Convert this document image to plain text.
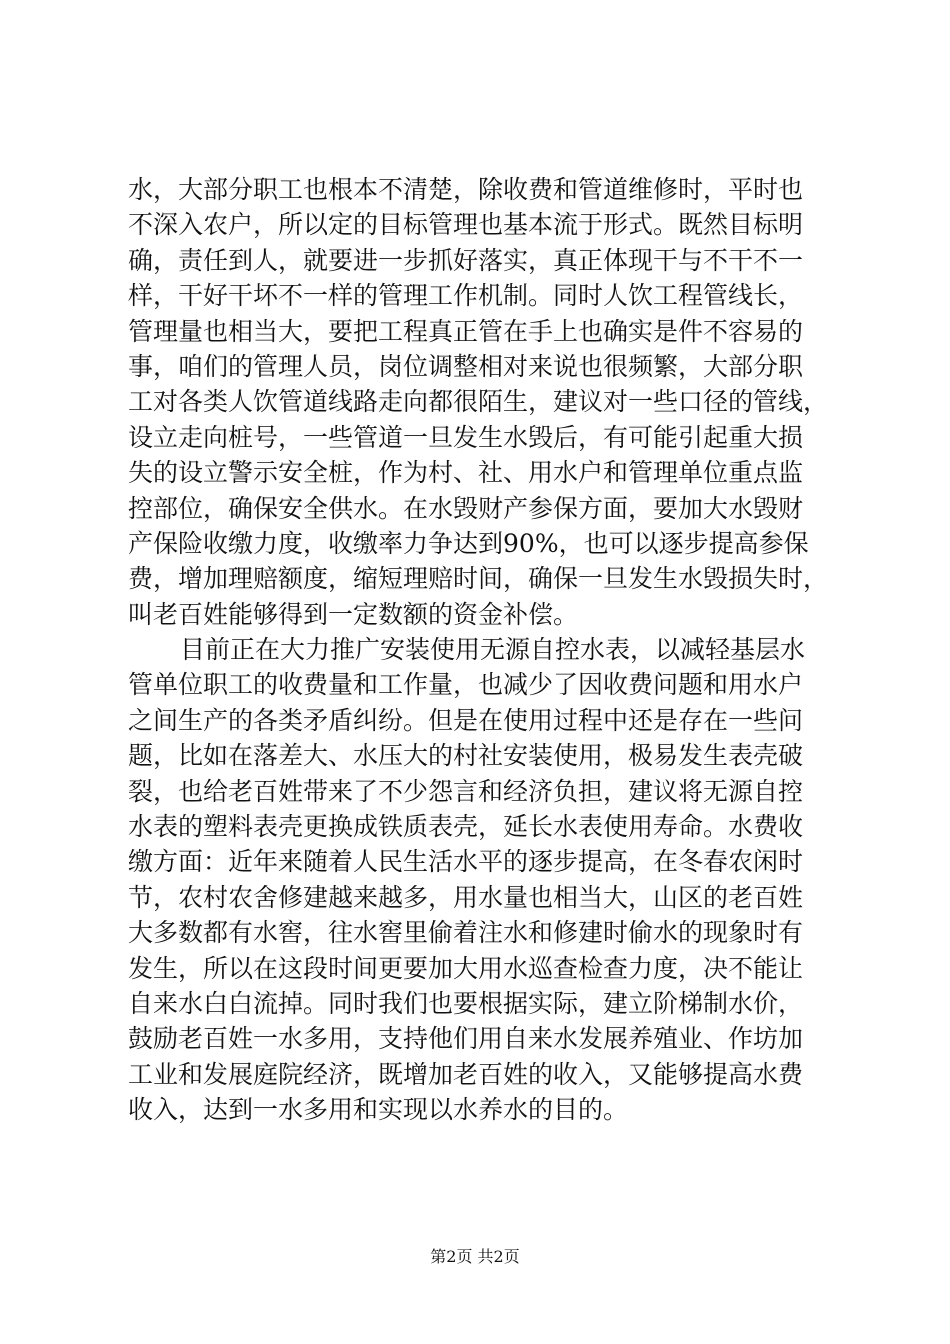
水，大部分职工也根本不清楚，除收费和管道维修时，平时也
不深入农户，所以定的目标管理也基本流于形式。既然目标明
确，责任到人，就要进一步抓好落实，真正体现干与不干不一
样，干好干坏不一样的管理工作机制。同时人饮工程管线长，
管理量也相当大，要把工程真正管在手上也确实是件不容易的
事，咱们的管理人员，岗位调整相对来说也很频繁，大部分职
工对各类人饮管道线路走向都很陌生，建议对一些口径的管线，
设立走向桩号，一些管道一旦发生水毁后，有可能引起重大损
失的设立警示安全桩，作为村、社、用水户和管理单位重点监
控部位，确保安全供水。在水毁财产参保方面，要加大水毁财
产保险收缴力度，收缴率力争达到90%，也可以逐步提高参保
费，增加理赔额度，缩短理赔时间，确保一旦发生水毁损失时，
叫老百姓能够得到一定数额的资金补偿。
目前正在大力推广安装使用无源自控水表，以减轻基层水
管单位职工的收费量和工作量，也减少了因收费问题和用水户
之间生产的各类矛盾纠纷。但是在使用过程中还是存在一些问
题，比如在落差大、水压大的村社安装使用，极易发生表壳破
裂，也给老百姓带来了不少怨言和经济负担，建议将无源自控
水表的塑料表壳更换成铁质表壳，延长水表使用寿命。水费收
缴方面：近年来随着人民生活水平的逐步提高，在冬春农闲时
节，农村农舍修建越来越多，用水量也相当大，山区的老百姓
大多数都有水窖，往水窖里偷着注水和修建时偷水的现象时有
发生，所以在这段时间更要加大用水巡查检查力度，决不能让
自来水白白流掉。同时我们也要根据实际，建立阶梯制水价，
鼓励老百姓一水多用，支持他们用自来水发展养殖业、作坊加
工业和发展庭院经济，既增加老百姓的收入，又能够提高水费
收入，达到一水多用和实现以水养水的目的。
第2页 共2页
